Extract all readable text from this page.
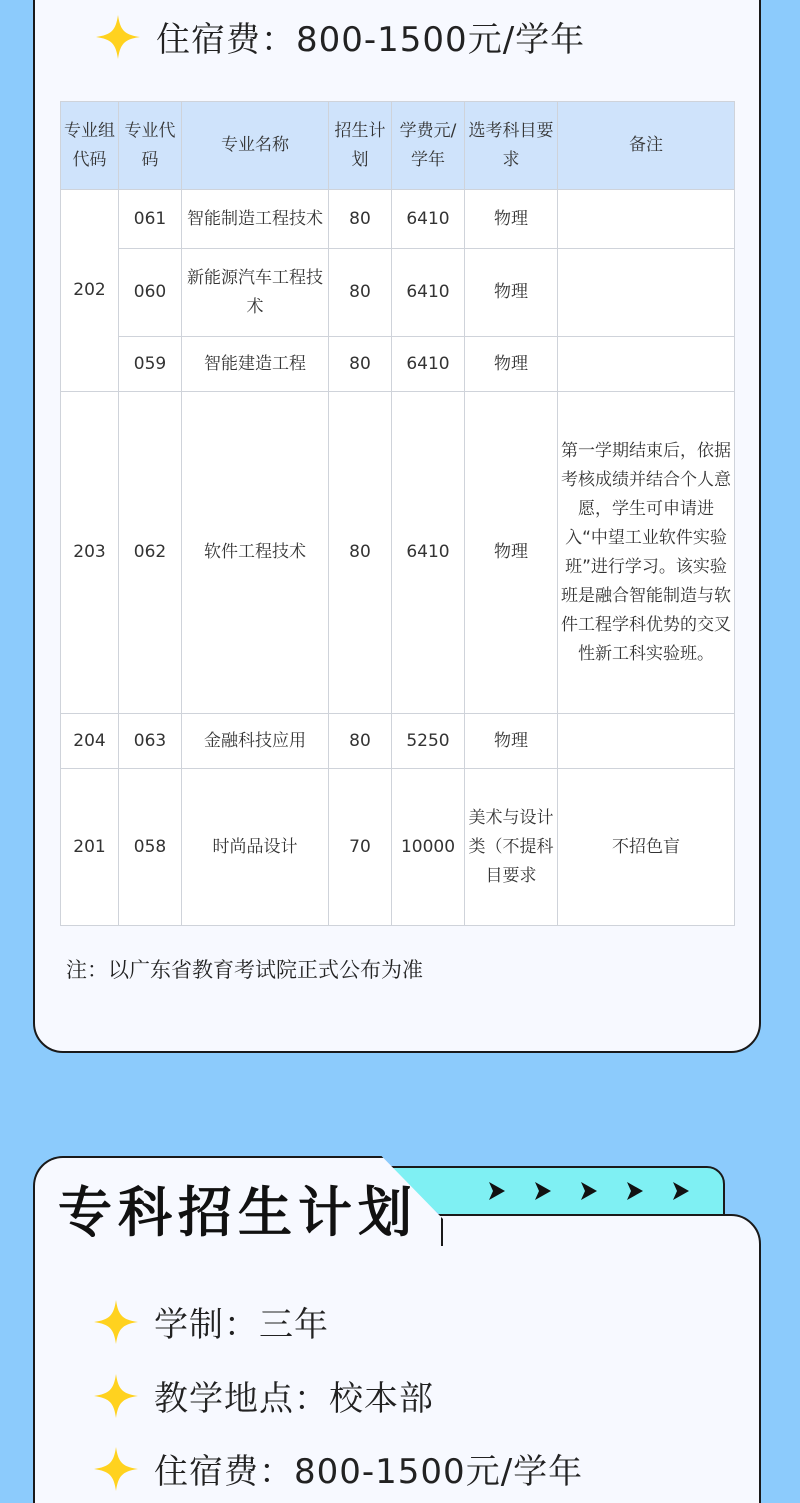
住宿费：800-1500元/学年
专业组代码	专业代码	专业名称	招生计划	学费元/学年	选考科目要求	备注
202	061	智能制造工程技术	80	6410	物理	
	060	新能源汽车工程技术	80	6410	物理	
	059	智能建造工程	80	6410	物理	
203	062	软件工程技术	80	6410	物理	第一学期结束后，依据考核成绩并结合个人意愿，学生可申请进入“中望工业软件实验班”进行学习。该实验班是融合智能制造与软件工程学科优势的交叉性新工科实验班。
204	063	金融科技应用	80	5250	物理	
201	058	时尚品设计	70	10000	美术与设计类（不提科目要求	不招色盲
注：以广东省教育考试院正式公布为准
专科招生计划
学制：三年
教学地点：校本部
住宿费：800-1500元/学年
